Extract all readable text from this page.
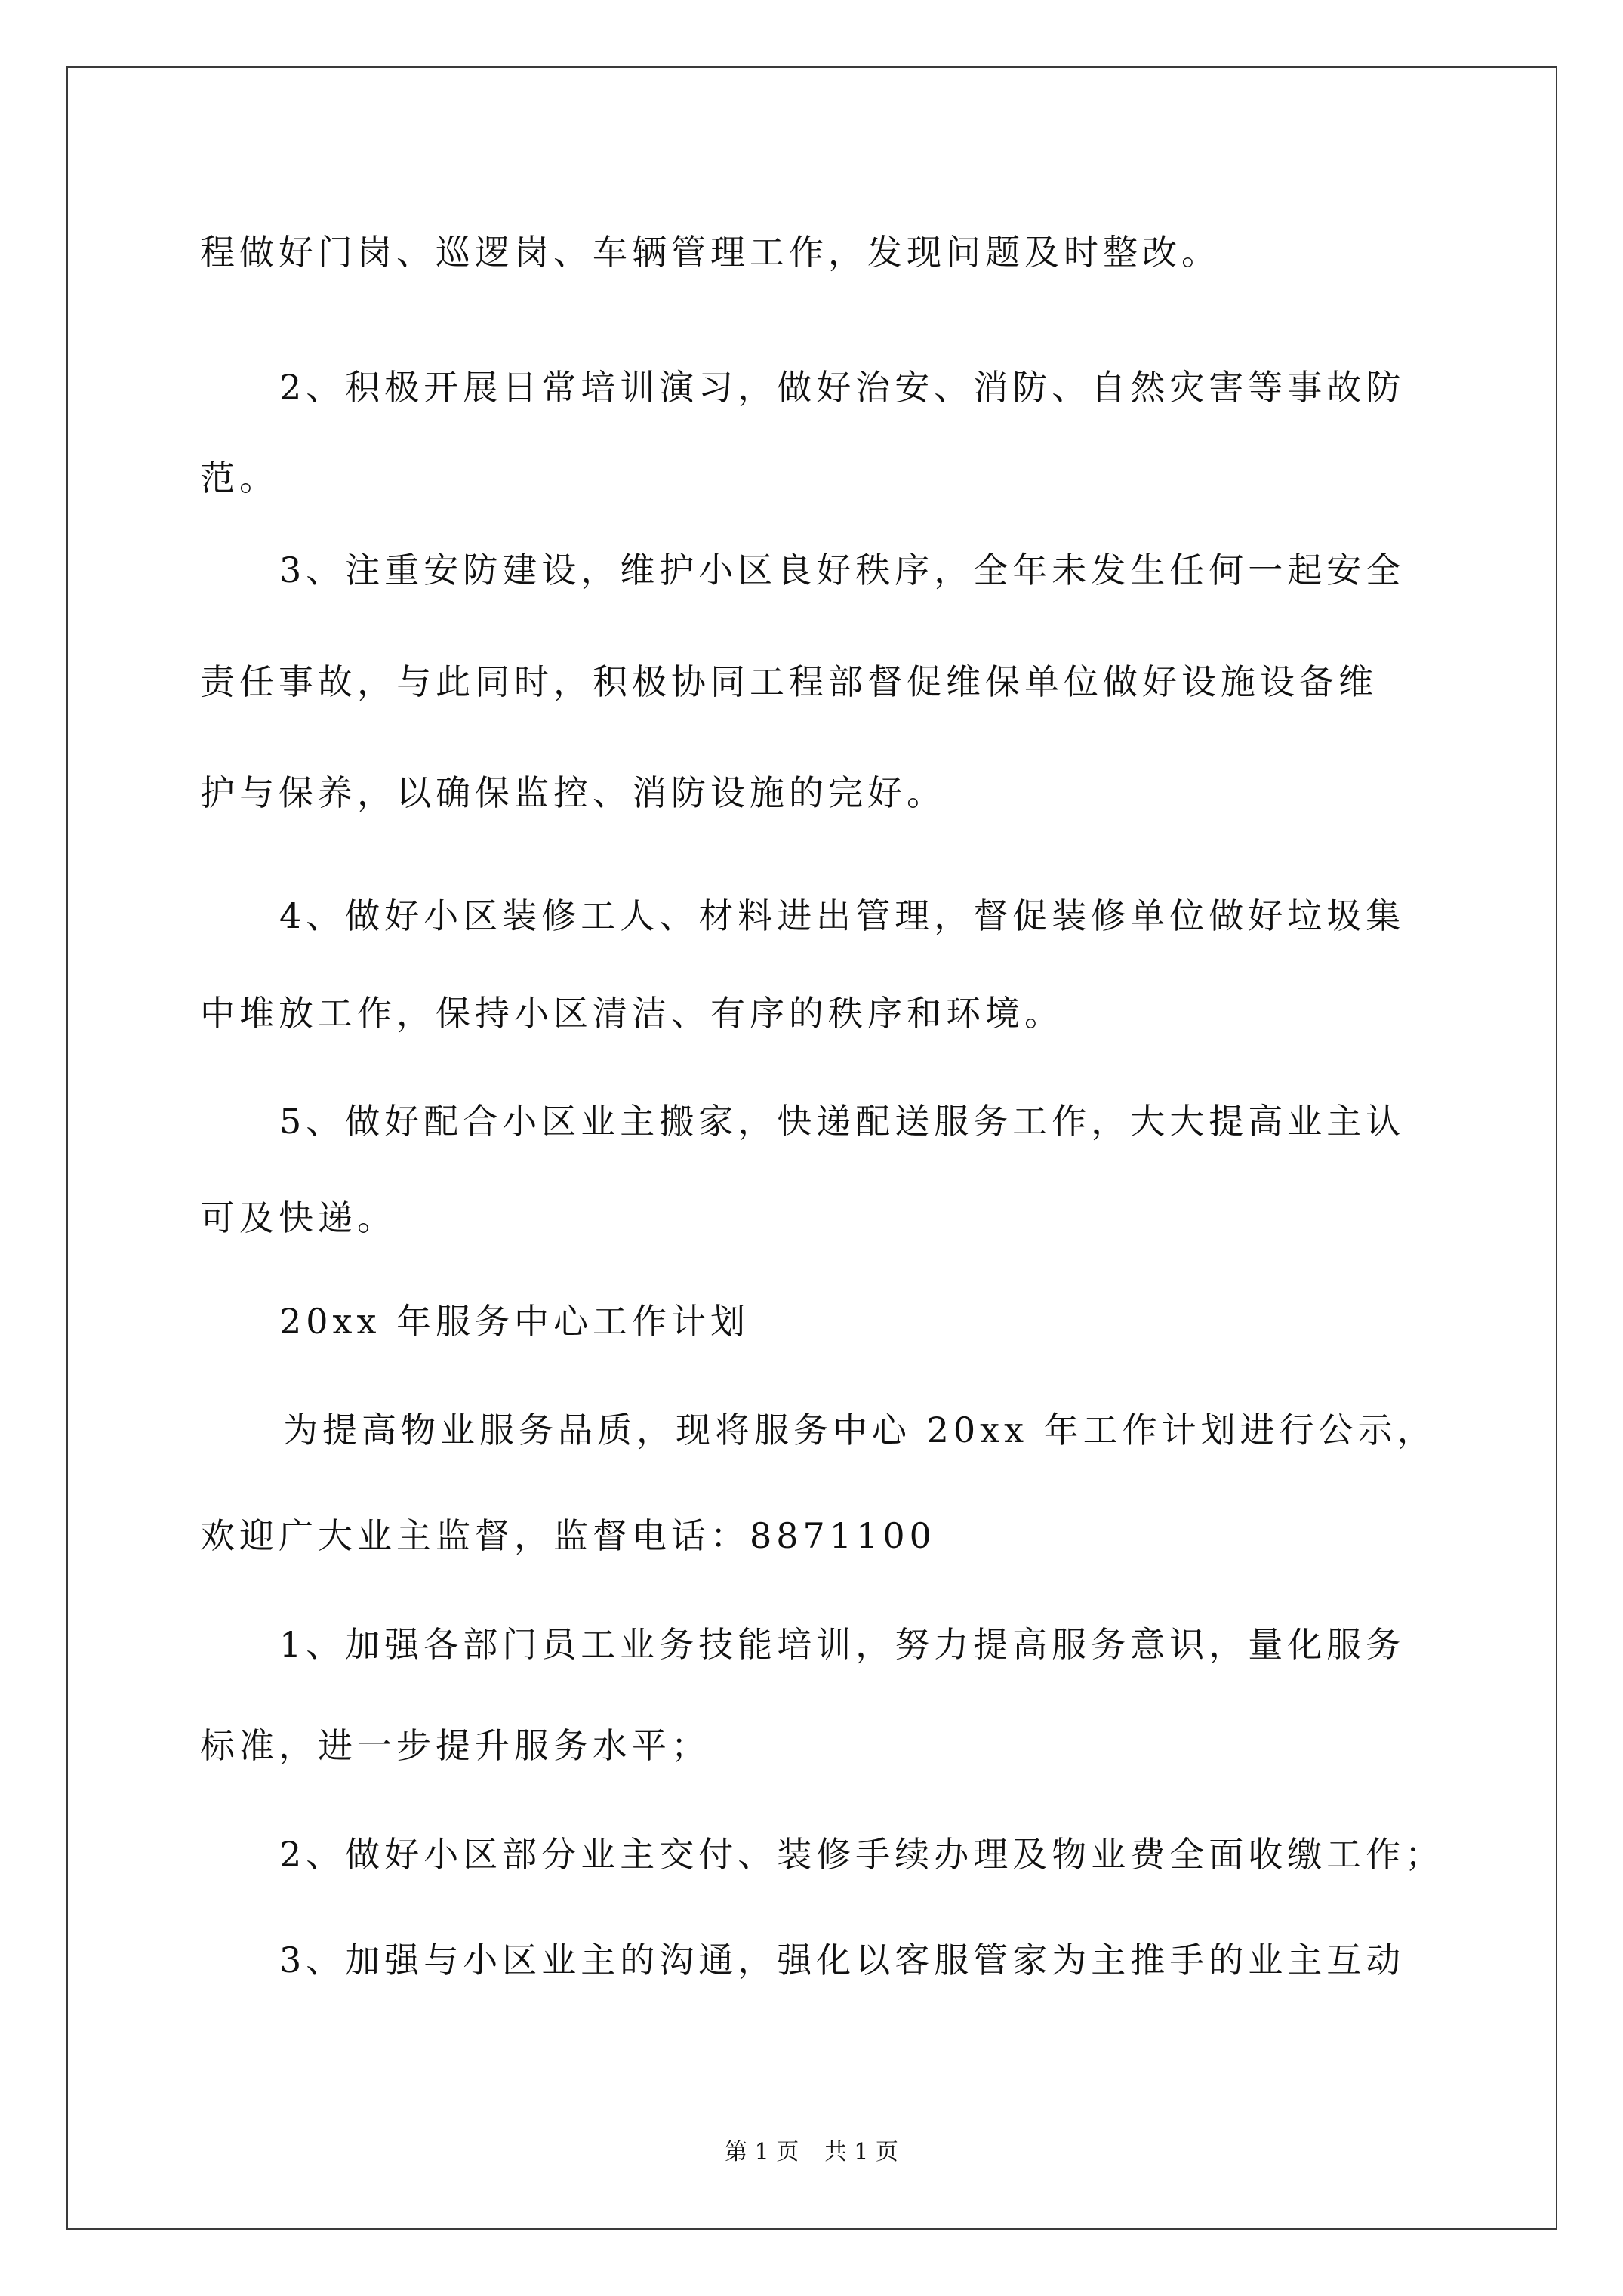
程做好门岗、巡逻岗、车辆管理工作，发现问题及时整改。
2、积极开展日常培训演习，做好治安、消防、自然灾害等事故防
范。
3、注重安防建设，维护小区良好秩序，全年未发生任何一起安全
责任事故，与此同时，积极协同工程部督促维保单位做好设施设备维
护与保养，以确保监控、消防设施的完好。
4、做好小区装修工人、材料进出管理，督促装修单位做好垃圾集
中堆放工作，保持小区清洁、有序的秩序和环境。
5、做好配合小区业主搬家，快递配送服务工作，大大提高业主认
可及快递。
20xx 年服务中心工作计划
为提高物业服务品质，现将服务中心 20xx 年工作计划进行公示，
欢迎广大业主监督，监督电话：8871100
1、加强各部门员工业务技能培训，努力提高服务意识，量化服务
标准，进一步提升服务水平；
2、做好小区部分业主交付、装修手续办理及物业费全面收缴工作；
3、加强与小区业主的沟通，强化以客服管家为主推手的业主互动
第 1 页 共 1 页
